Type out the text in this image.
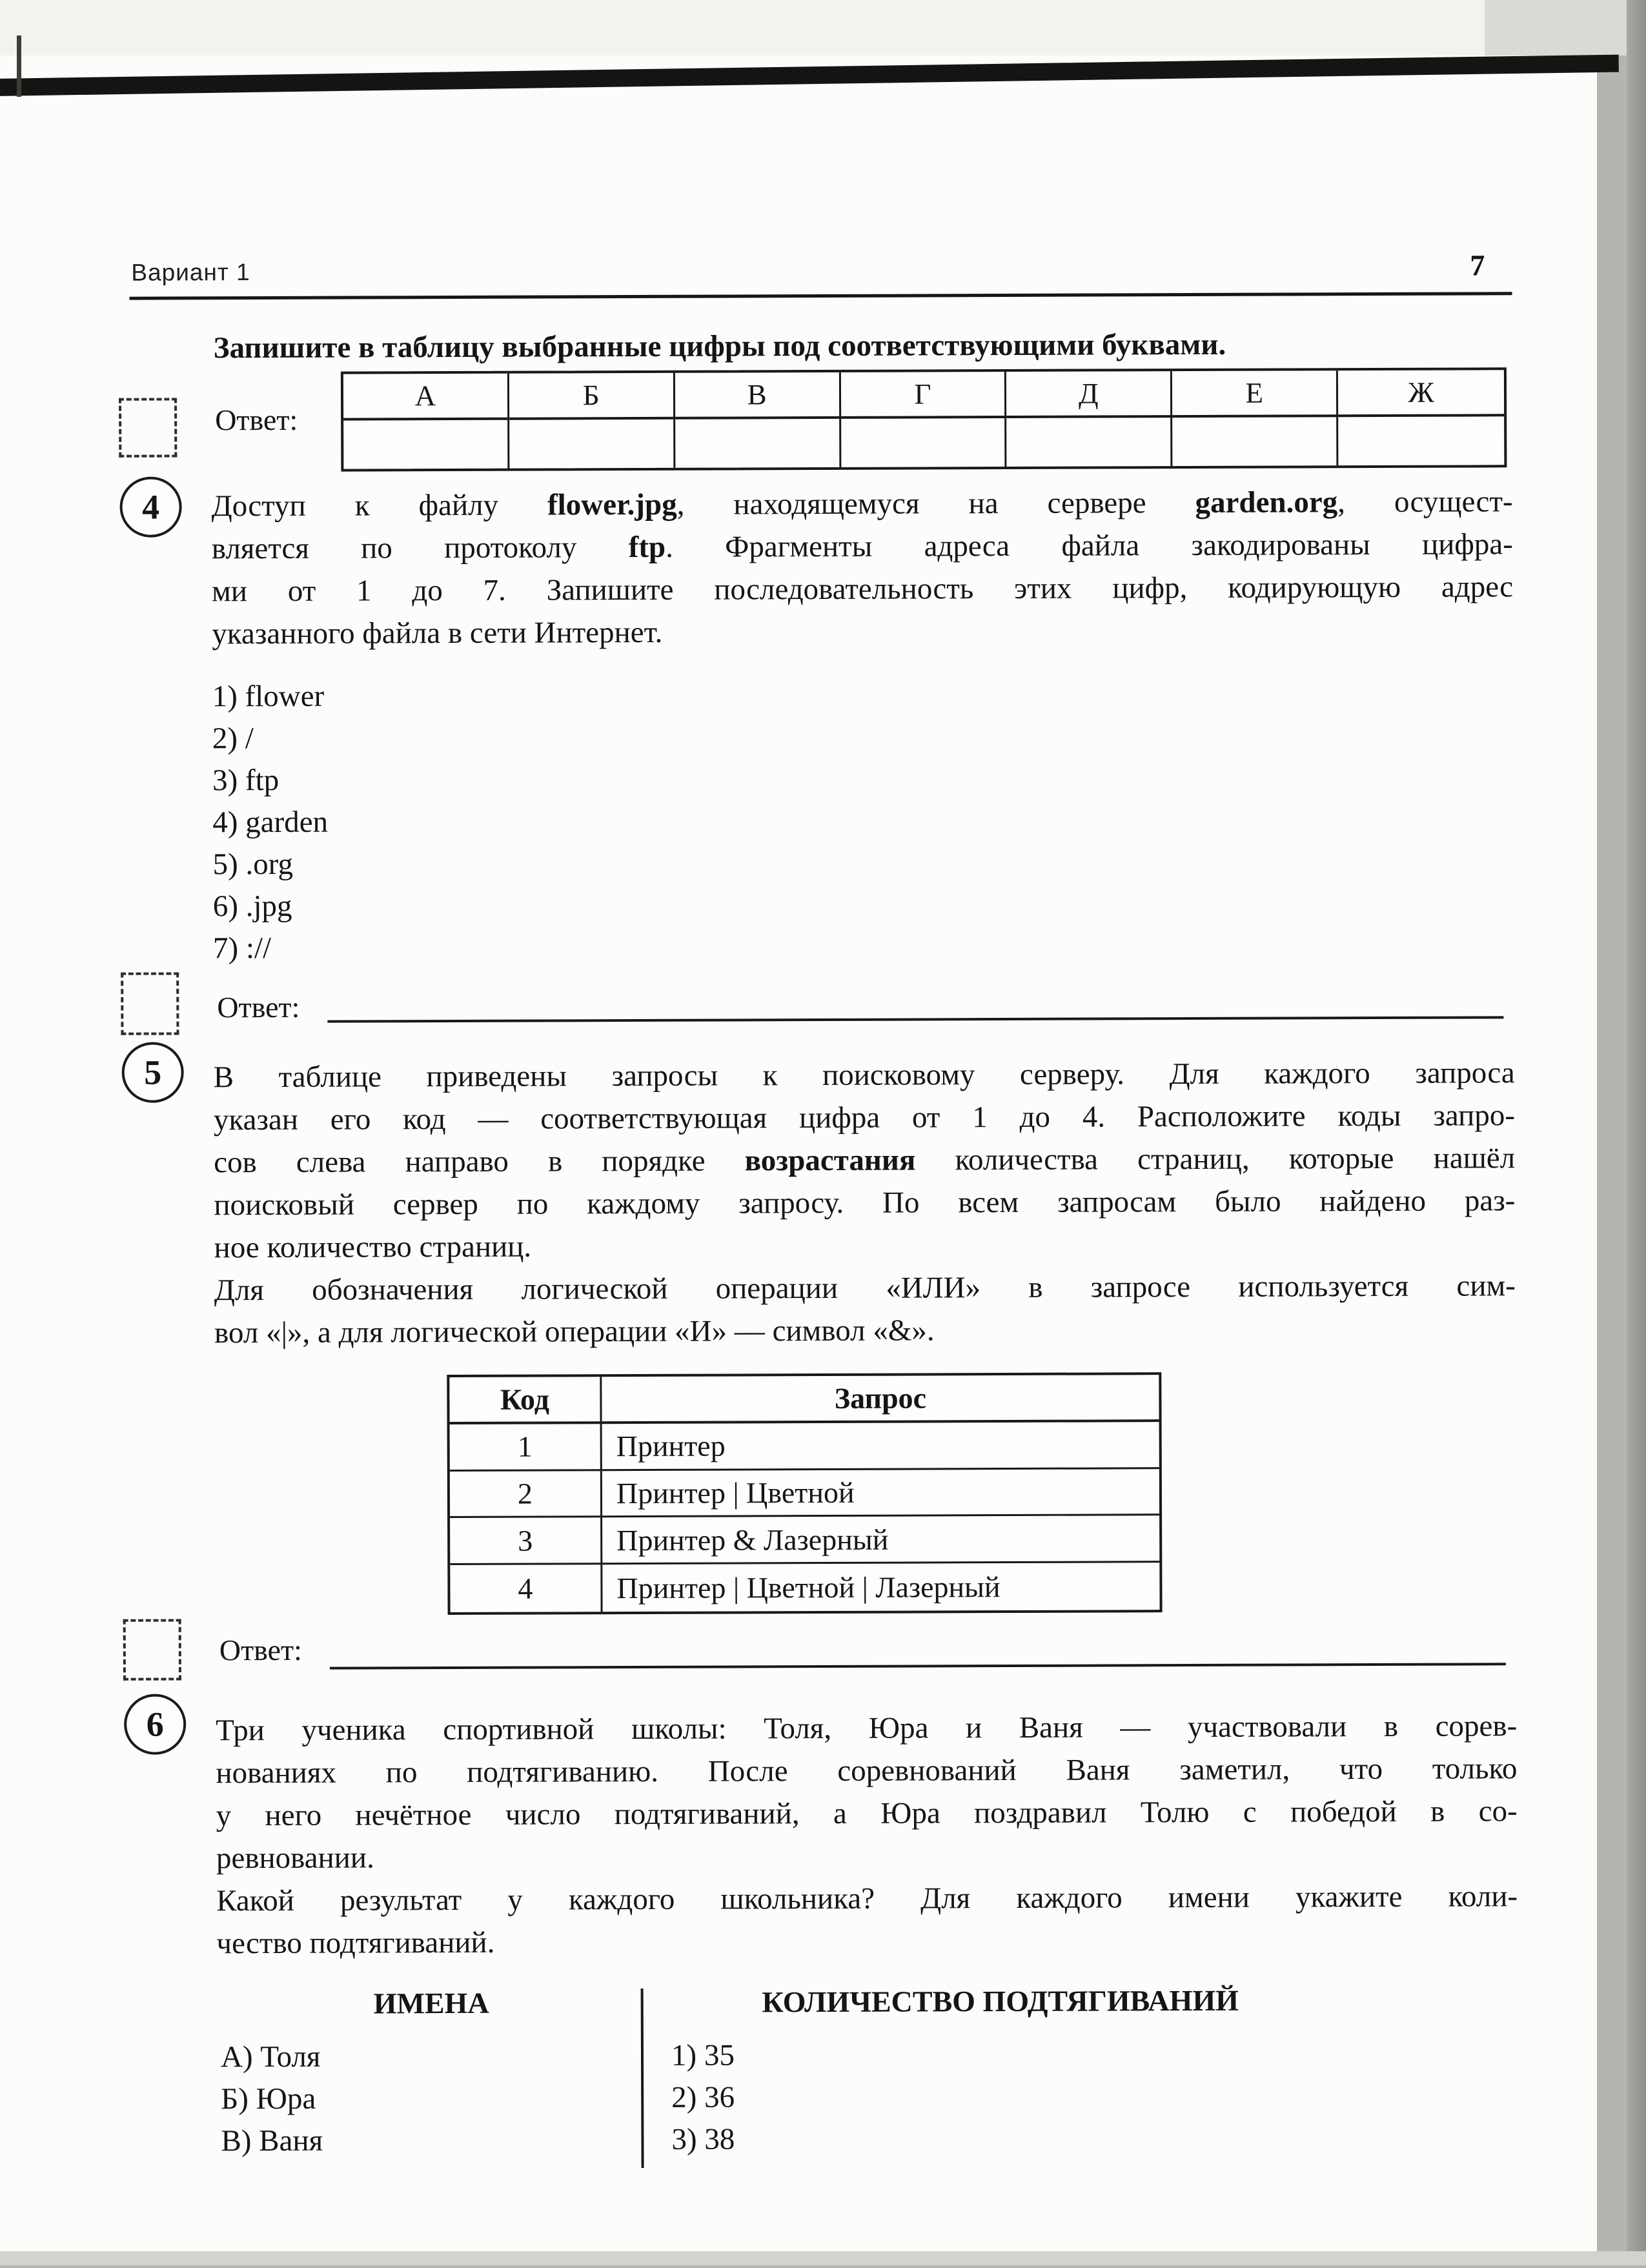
Вариант 1	7
Запишите в таблицу выбранные цифры под соответствующими буквами.
А	Б	В	Г	Д	Е	Ж
Ответ:
4	Доступ к файлу flower.jpg, находящемуся на сервере garden.org, осущест-
вляется по протоколу ftp. Фрагменты адреса файла закодированы цифра-
ми от 1 до 7. Запишите последовательность этих цифр, кодирующую адрес
указанного файла в сети Интернет.
1) flower
2) /
3) ftp
4) garden
5) .org
6) .jpg
7) ://
Ответ:
5	В таблице приведены запросы к поисковому серверу. Для каждого запроса
указан его код — соответствующая цифра от 1 до 4. Расположите коды запро-
сов слева направо в порядке возрастания количества страниц, которые нашёл
поисковый сервер по каждому запросу. По всем запросам было найдено раз-
ное количество страниц.
Для обозначения логической операции «ИЛИ» в запросе используется сим-
вол «|», а для логической операции «И» — символ «&».
Код	Запрос
1	Принтер
2	Принтер | Цветной
3	Принтер & Лазерный
4	Принтер | Цветной | Лазерный
Ответ:
6	Три ученика спортивной школы: Толя, Юра и Ваня — участвовали в сорев-
нованиях по подтягиванию. После соревнований Ваня заметил, что только
у него нечётное число подтягиваний, а Юра поздравил Толю с победой в со-
ревновании.
Какой результат у каждого школьника? Для каждого имени укажите коли-
чество подтягиваний.
ИМЕНА	КОЛИЧЕСТВО ПОДТЯГИВАНИЙ
А) Толя
Б) Юра
В) Ваня
1) 35
2) 36
3) 38
